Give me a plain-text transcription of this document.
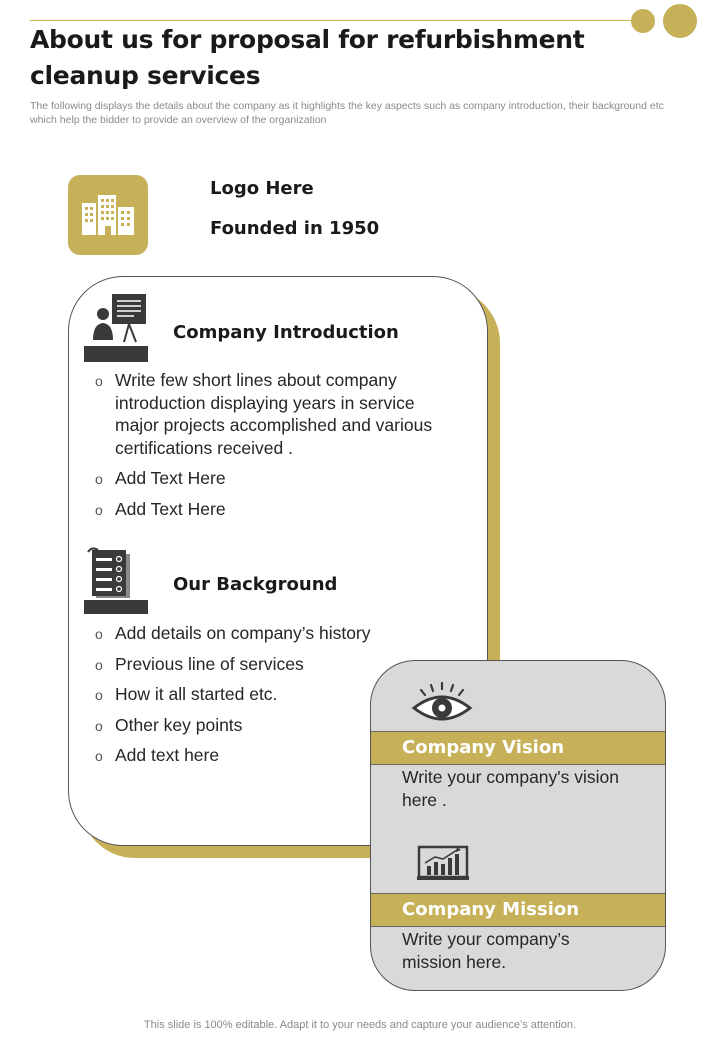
About us for proposal for refurbishment cleanup services
The following displays the details about the company as it highlights the key aspects such as company introduction, their background etc which help the bidder to provide an overview of the organization
Logo Here
Founded in 1950
Company Introduction
o Write few short lines about company introduction displaying years in service major projects accomplished and various certifications received .
o Add Text Here
o Add Text Here
Our Background
o Add details on company’s history
o Previous line of services
o How it all started etc.
o Other key points
o Add text here	Company Vision
Write your company's vision here .
Company Mission
Write your company’s mission here.
This slide is 100% editable. Adapt it to your needs and capture your audience’s attention.
